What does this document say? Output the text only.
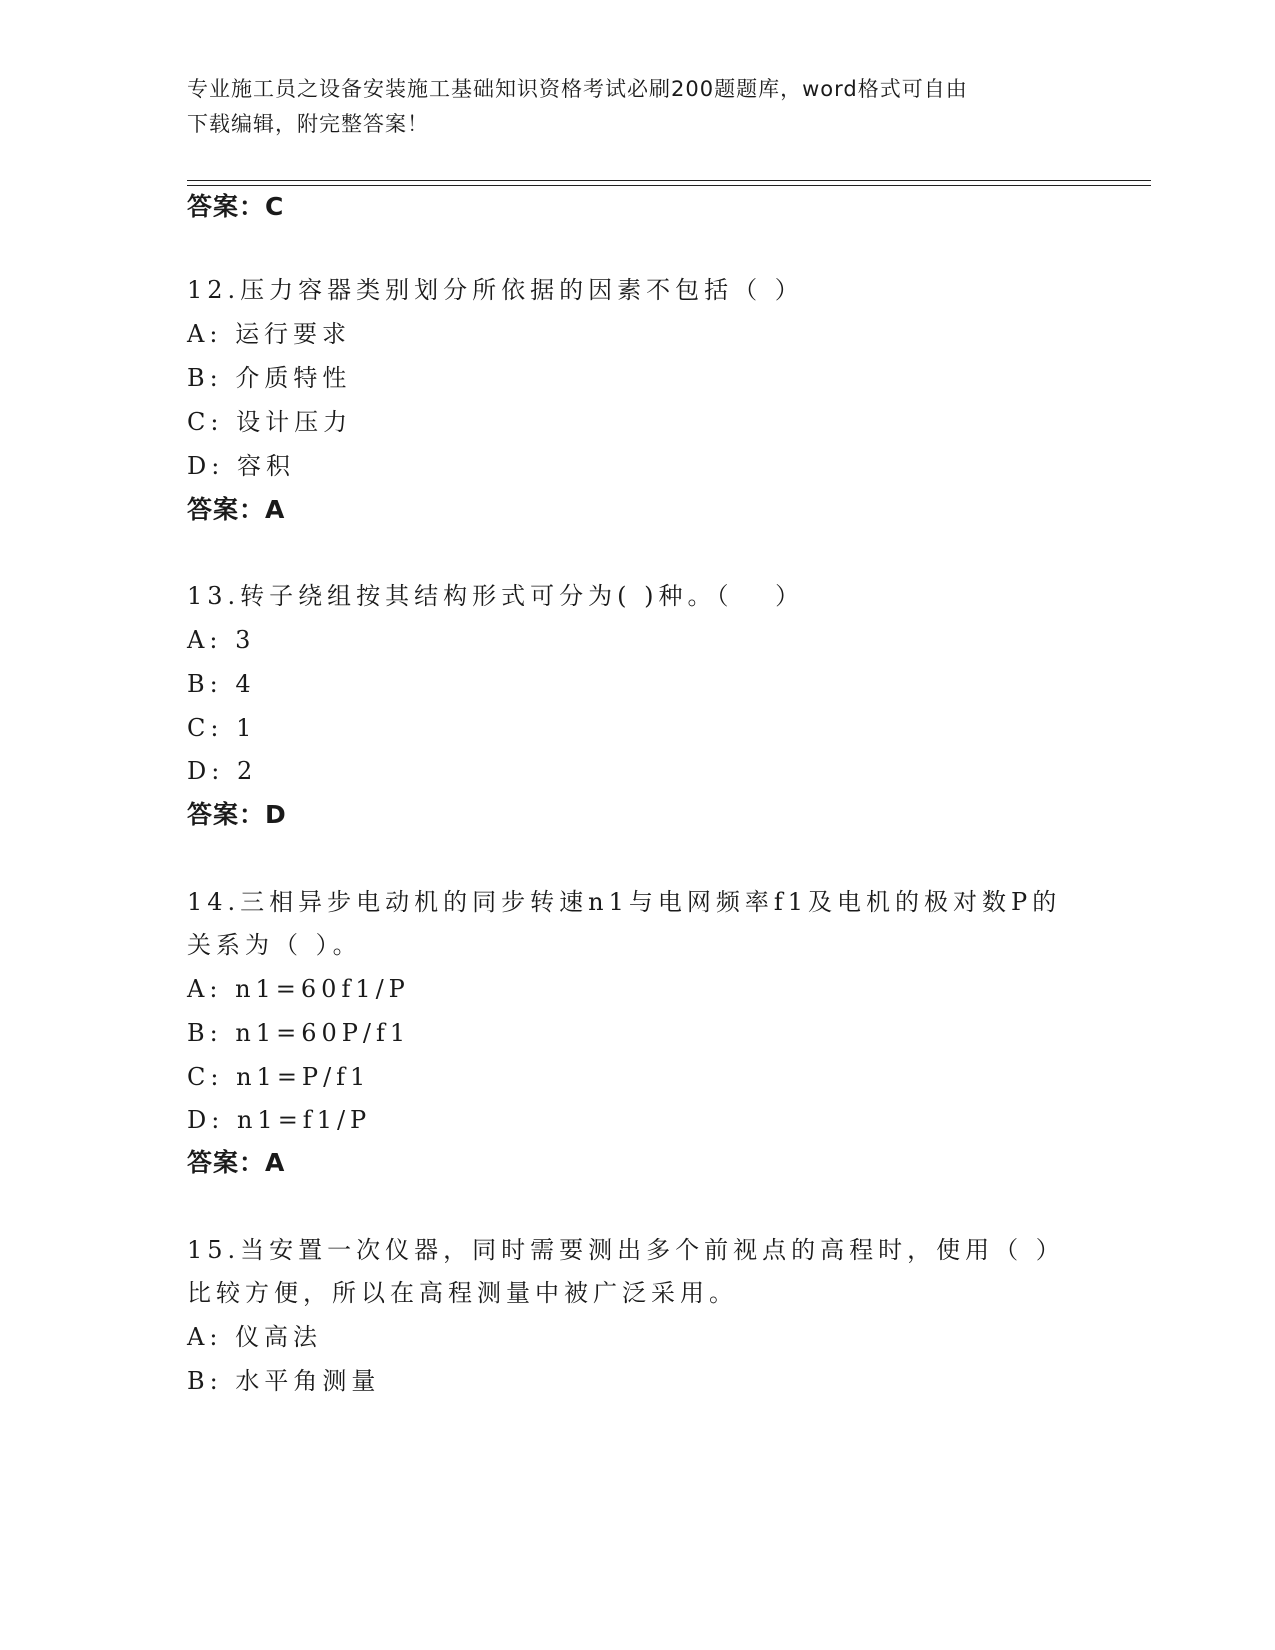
专业施工员之设备安装施工基础知识资格考试必刷200题题库，word格式可自由
下载编辑，附完整答案！
答案：C
12.压力容器类别划分所依据的因素不包括（ ）
A: 运行要求
B: 介质特性
C: 设计压力
D: 容积
答案：A
13.转子绕组按其结构形式可分为( )种。（　 ）
A: 3
B: 4
C: 1
D: 2
答案：D
14.三相异步电动机的同步转速n1与电网频率f1及电机的极对数P的
关系为（ ）。
A: n1=60f1/P
B: n1=60P/f1
C: n1=P/f1
D: n1=f1/P
答案：A
15.当安置一次仪器，同时需要测出多个前视点的高程时，使用（ ）
比较方便，所以在高程测量中被广泛采用。
A: 仪高法
B: 水平角测量
